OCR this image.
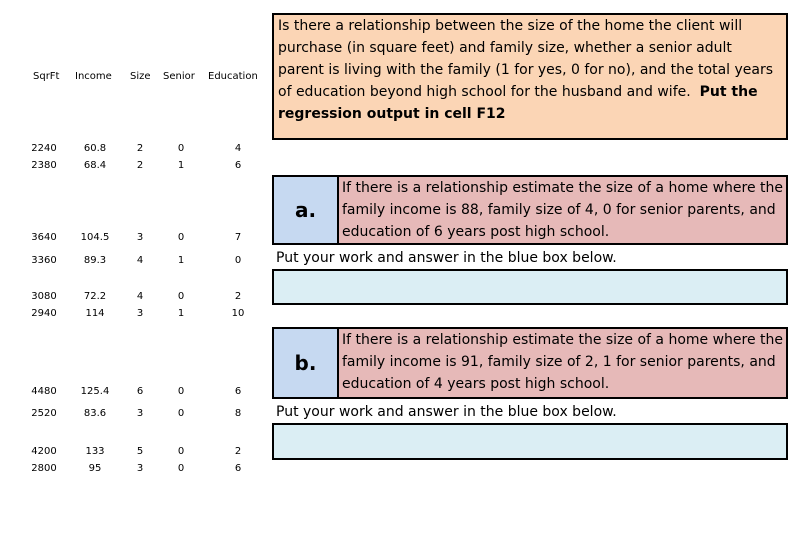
SqrFt Income Size Senior Education
2240	60.8	2	0	4
2380	68.4	2	1	6
3640	104.5	3	0	7
3360	89.3	4	1	0
3080	72.2	4	0	2
2940	114	3	1	10
4480	125.4	6	0	6
2520	83.6	3	0	8
4200	133	5	0	2
2800	95	3	0	6
Is there a relationship between the size of the home the client will purchase (in square feet) and family size, whether a senior adult parent is living with the family (1 for yes, 0 for no), and the total years of education beyond high school for the husband and wife. Put the regression output in cell F12
a.
If there is a relationship estimate the size of a home where the family income is 88, family size of 4, 0 for senior parents, and education of 6 years post high school.
Put your work and answer in the blue box below.
b.
If there is a relationship estimate the size of a home where the family income is 91, family size of 2, 1 for senior parents, and education of 4 years post high school.
Put your work and answer in the blue box below.
